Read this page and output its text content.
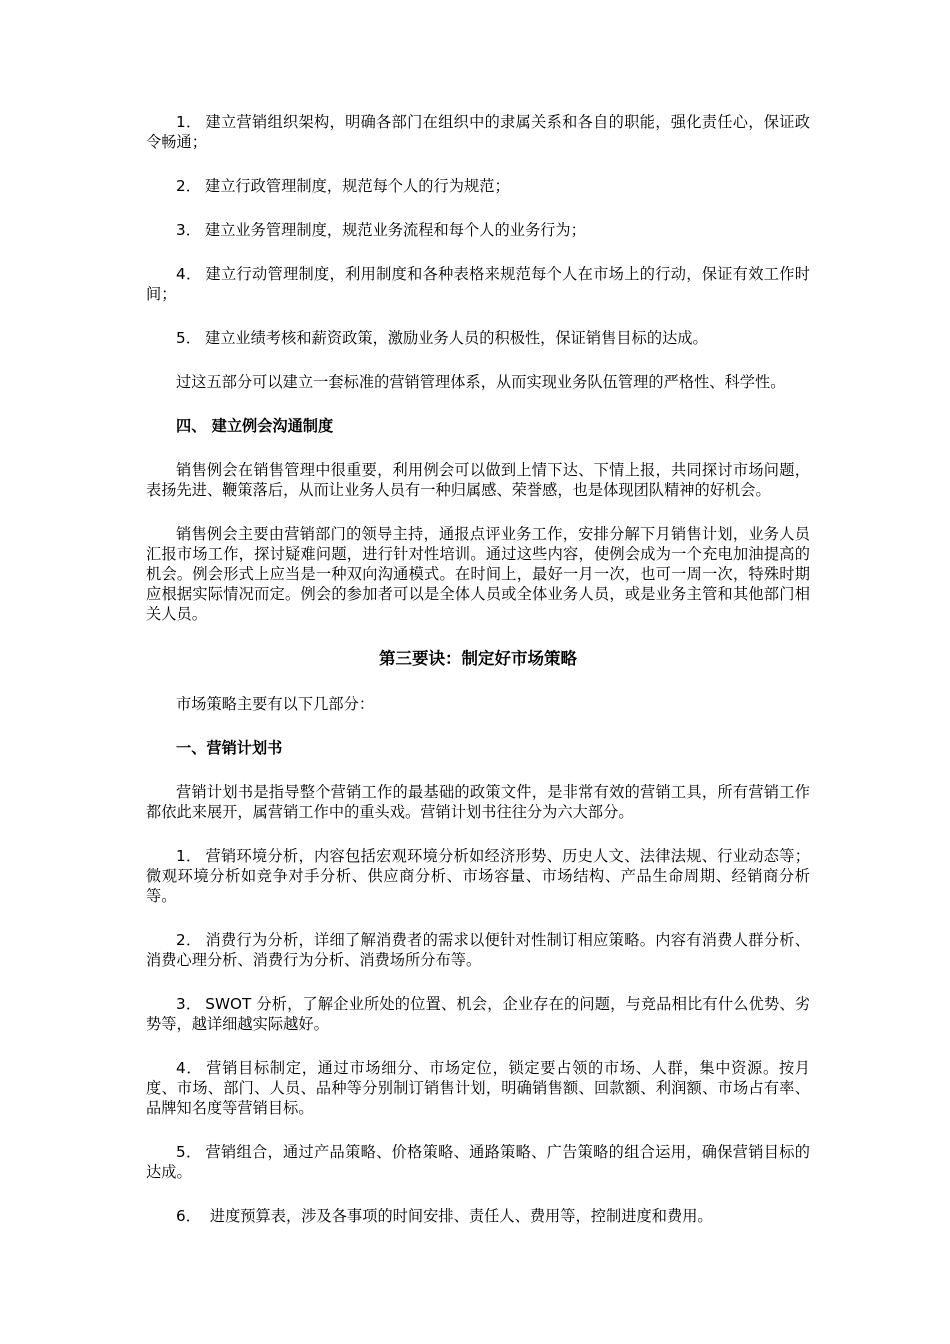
1． 建立营销组织架构，明确各部门在组织中的隶属关系和各自的职能，强化责任心，保证政令畅通；

2． 建立行政管理制度，规范每个人的行为规范；

3． 建立业务管理制度，规范业务流程和每个人的业务行为；

4． 建立行动管理制度，利用制度和各种表格来规范每个人在市场上的行动，保证有效工作时间；

5． 建立业绩考核和薪资政策，激励业务人员的积极性，保证销售目标的达成。

过这五部分可以建立一套标准的营销管理体系，从而实现业务队伍管理的严格性、科学性。

四、 建立例会沟通制度

销售例会在销售管理中很重要，利用例会可以做到上情下达、下情上报，共同探讨市场问题，表扬先进、鞭策落后，从而让业务人员有一种归属感、荣誉感，也是体现团队精神的好机会。

销售例会主要由营销部门的领导主持，通报点评业务工作，安排分解下月销售计划，业务人员汇报市场工作，探讨疑难问题，进行针对性培训。通过这些内容，使例会成为一个充电加油提高的机会。例会形式上应当是一种双向沟通模式。在时间上，最好一月一次，也可一周一次，特殊时期应根据实际情况而定。例会的参加者可以是全体人员或全体业务人员，或是业务主管和其他部门相关人员。

第三要诀：制定好市场策略

市场策略主要有以下几部分：

一、营销计划书

营销计划书是指导整个营销工作的最基础的政策文件，是非常有效的营销工具，所有营销工作都依此来展开，属营销工作中的重头戏。营销计划书往往分为六大部分。

1． 营销环境分析，内容包括宏观环境分析如经济形势、历史人文、法律法规、行业动态等；微观环境分析如竞争对手分析、供应商分析、市场容量、市场结构、产品生命周期、经销商分析等。

2． 消费行为分析，详细了解消费者的需求以便针对性制订相应策略。内容有消费人群分析、消费心理分析、消费行为分析、消费场所分布等。

3． SWOT 分析，了解企业所处的位置、机会，企业存在的问题，与竞品相比有什么优势、劣势等，越详细越实际越好。

4． 营销目标制定，通过市场细分、市场定位，锁定要占领的市场、人群，集中资源。按月度、市场、部门、人员、品种等分别制订销售计划，明确销售额、回款额、利润额、市场占有率、品牌知名度等营销目标。

5． 营销组合，通过产品策略、价格策略、通路策略、广告策略的组合运用，确保营销目标的达成。

6． 进度预算表，涉及各事项的时间安排、责任人、费用等，控制进度和费用。
